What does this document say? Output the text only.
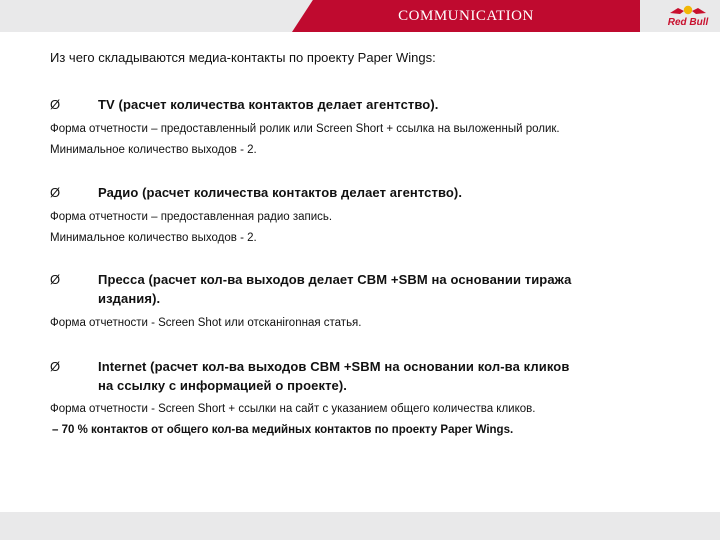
COMMUNICATION	Red Bull
Из чего складываются медиа-контакты по проекту Paper Wings:
Ø	TV (расчет количества контактов делает агентство).
Форма отчетности – предоставленный ролик или Screen Short + ссылка на выложенный ролик.
Минимальное количество выходов - 2.
Ø	Радио (расчет количества контактов делает агентство).
Форма отчетности – предоставленная радио запись.
Минимальное количество выходов - 2.
Ø	Пресса (расчет кол-ва выходов делает CBM +SBM на основании тиража
издания).
Форма отчетности - Screen Shot или отсканironная статья.
Ø	Internet (расчет кол-ва выходов CBM +SBM на основании кол-ва кликов
на ссылку с информацией о проекте).
Форма отчетности - Screen Short + ссылки на сайт с указанием общего количества кликов.
– 70 % контактов от общего кол-ва медийных контактов по проекту Paper Wings.
